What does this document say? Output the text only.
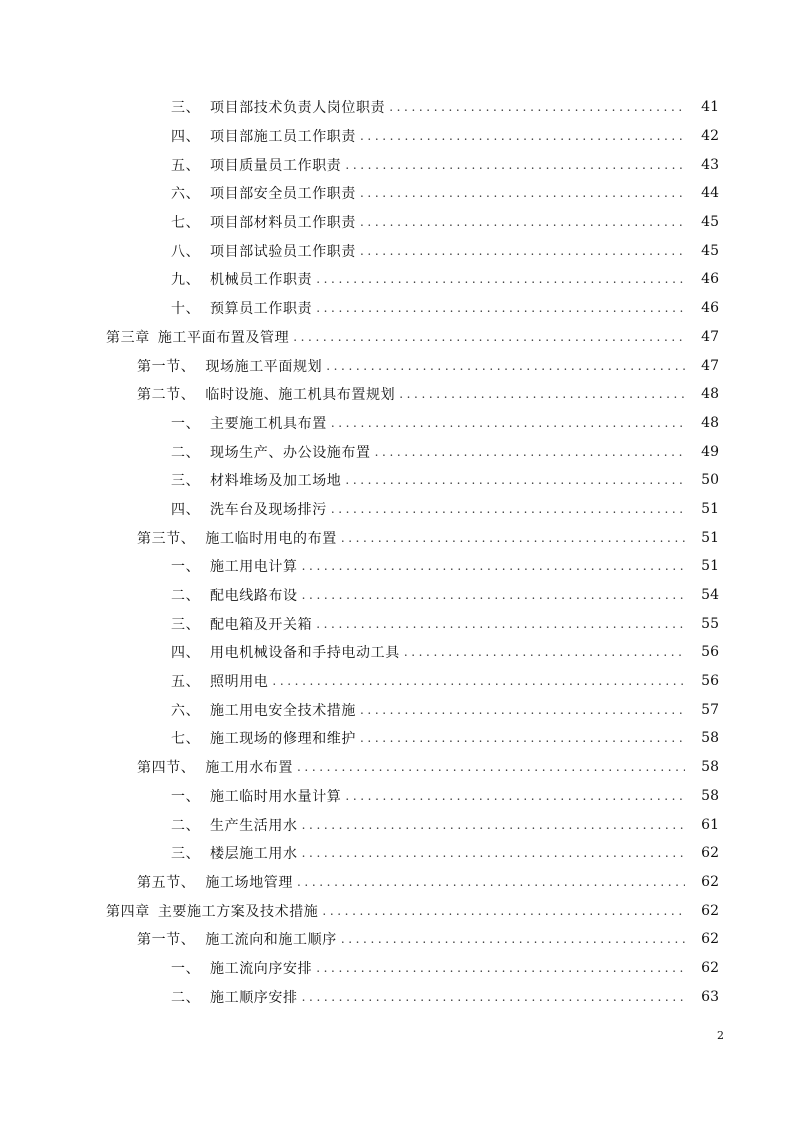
三、 项目部技术负责人岗位职责 .....	41
四、 项目部施工员工作职责 .....	42
五、 项目质量员工作职责 .....	43
六、 项目部安全员工作职责 .....	44
七、 项目部材料员工作职责 .....	45
八、 项目部试验员工作职责 .....	45
九、 机械员工作职责 .....	46
十、 预算员工作职责 .....	46
第三章 施工平面布置及管理 .....	47
第一节、 现场施工平面规划 .....	47
第二节、 临时设施、施工机具布置规划 .....	48
一、 主要施工机具布置 .....	48
二、 现场生产、办公设施布置 .....	49
三、 材料堆场及加工场地 .....	50
四、 洗车台及现场排污 .....	51
第三节、 施工临时用电的布置 .....	51
一、 施工用电计算 .....	51
二、 配电线路布设 .....	54
三、 配电箱及开关箱 .....	55
四、 用电机械设备和手持电动工具 .....	56
五、 照明用电 .....	56
六、 施工用电安全技术措施 .....	57
七、 施工现场的修理和维护 .....	58
第四节、 施工用水布置 .....	58
一、 施工临时用水量计算 .....	58
二、 生产生活用水 .....	61
三、 楼层施工用水 .....	62
第五节、 施工场地管理 .....	62
第四章 主要施工方案及技术措施 .....	62
第一节、 施工流向和施工顺序 .....	62
一、 施工流向序安排 .....	62
二、 施工顺序安排 .....	63
2
